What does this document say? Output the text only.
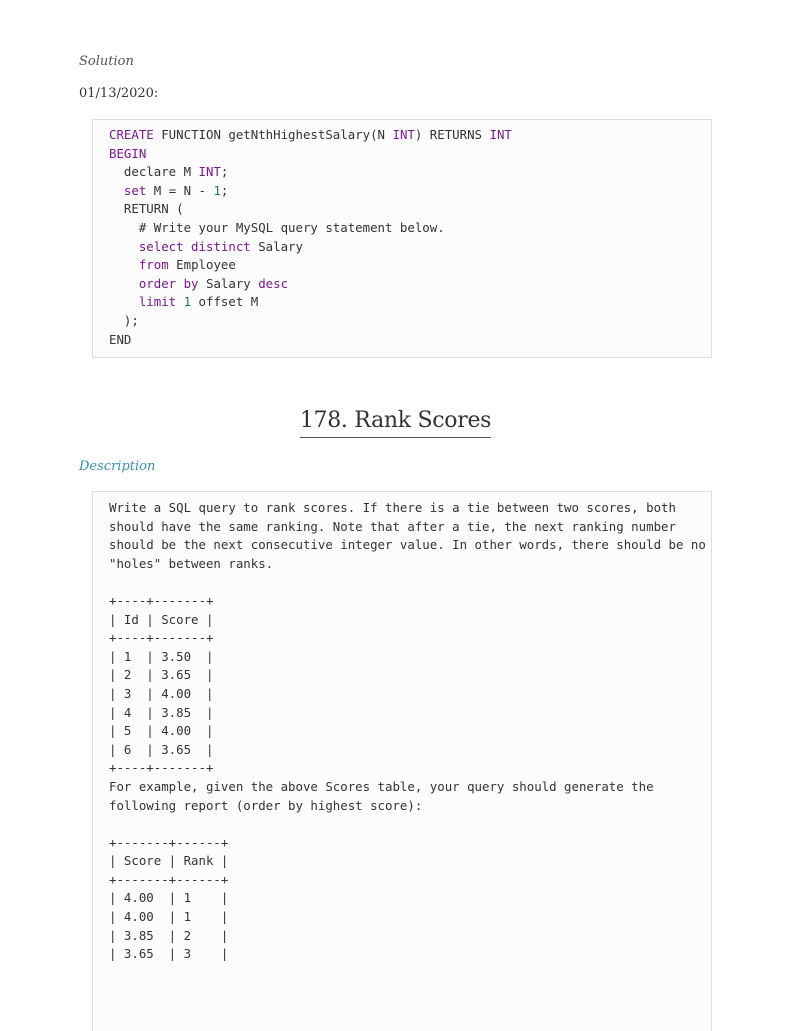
Solution
01/13/2020:
CREATE FUNCTION getNthHighestSalary(N INT) RETURNS INT
BEGIN
declare M INT;
set M = N - 1;
RETURN (
# Write your MySQL query statement below.
select distinct Salary
from Employee
order by Salary desc
limit 1 offset M
);
END
178. Rank Scores
Description
Write a SQL query to rank scores. If there is a tie between two scores, both
should have the same ranking. Note that after a tie, the next ranking number
should be the next consecutive integer value. In other words, there should be no
"holes" between ranks.

+----+-------+
| Id | Score |
+----+-------+
| 1  | 3.50  |
| 2  | 3.65  |
| 3  | 4.00  |
| 4  | 3.85  |
| 5  | 4.00  |
| 6  | 3.65  |
+----+-------+
For example, given the above Scores table, your query should generate the
following report (order by highest score):

+-------+------+
| Score | Rank |
+-------+------+
| 4.00  | 1    |
| 4.00  | 1    |
| 3.85  | 2    |
| 3.65  | 3    |
